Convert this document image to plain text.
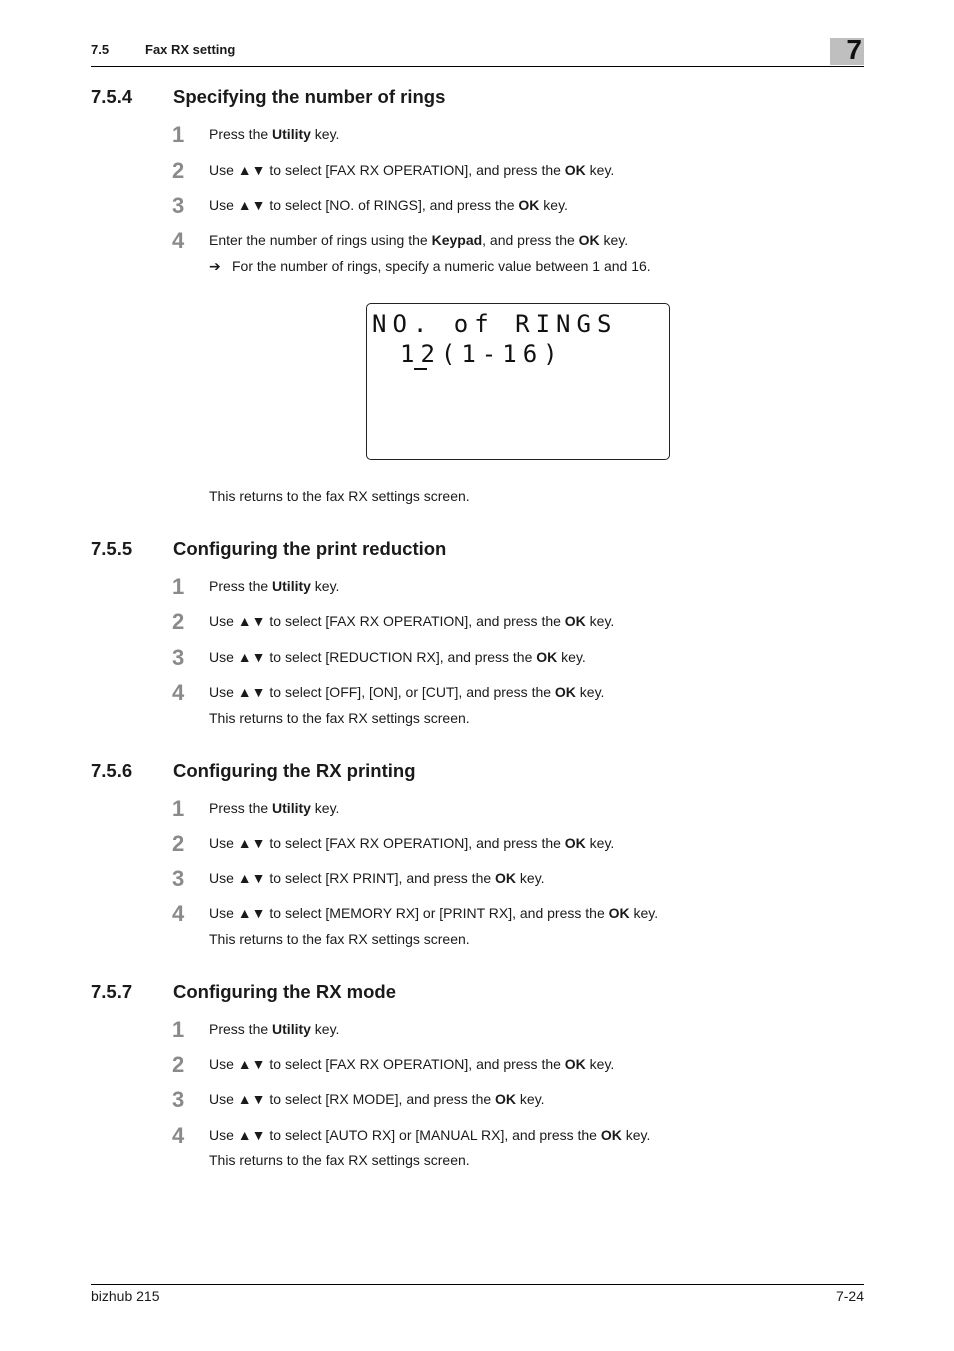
7.5	Fax RX setting	7
7.5.4 Specifying the number of rings
1	Press the Utility key.
2	Use ▲▼ to select [FAX RX OPERATION], and press the OK key.
3	Use ▲▼ to select [NO. of RINGS], and press the OK key.
4	Enter the number of rings using the Keypad, and press the OK key.
➔ For the number of rings, specify a numeric value between 1 and 16.
NO. of RINGS
12(1-16)
This returns to the fax RX settings screen.
7.5.5 Configuring the print reduction
1	Press the Utility key.
2	Use ▲▼ to select [FAX RX OPERATION], and press the OK key.
3	Use ▲▼ to select [REDUCTION RX], and press the OK key.
4	Use ▲▼ to select [OFF], [ON], or [CUT], and press the OK key.
This returns to the fax RX settings screen.
7.5.6 Configuring the RX printing
1	Press the Utility key.
2	Use ▲▼ to select [FAX RX OPERATION], and press the OK key.
3	Use ▲▼ to select [RX PRINT], and press the OK key.
4	Use ▲▼ to select [MEMORY RX] or [PRINT RX], and press the OK key.
This returns to the fax RX settings screen.
7.5.7 Configuring the RX mode
1	Press the Utility key.
2	Use ▲▼ to select [FAX RX OPERATION], and press the OK key.
3	Use ▲▼ to select [RX MODE], and press the OK key.
4	Use ▲▼ to select [AUTO RX] or [MANUAL RX], and press the OK key.
This returns to the fax RX settings screen.
bizhub 215	7-24
